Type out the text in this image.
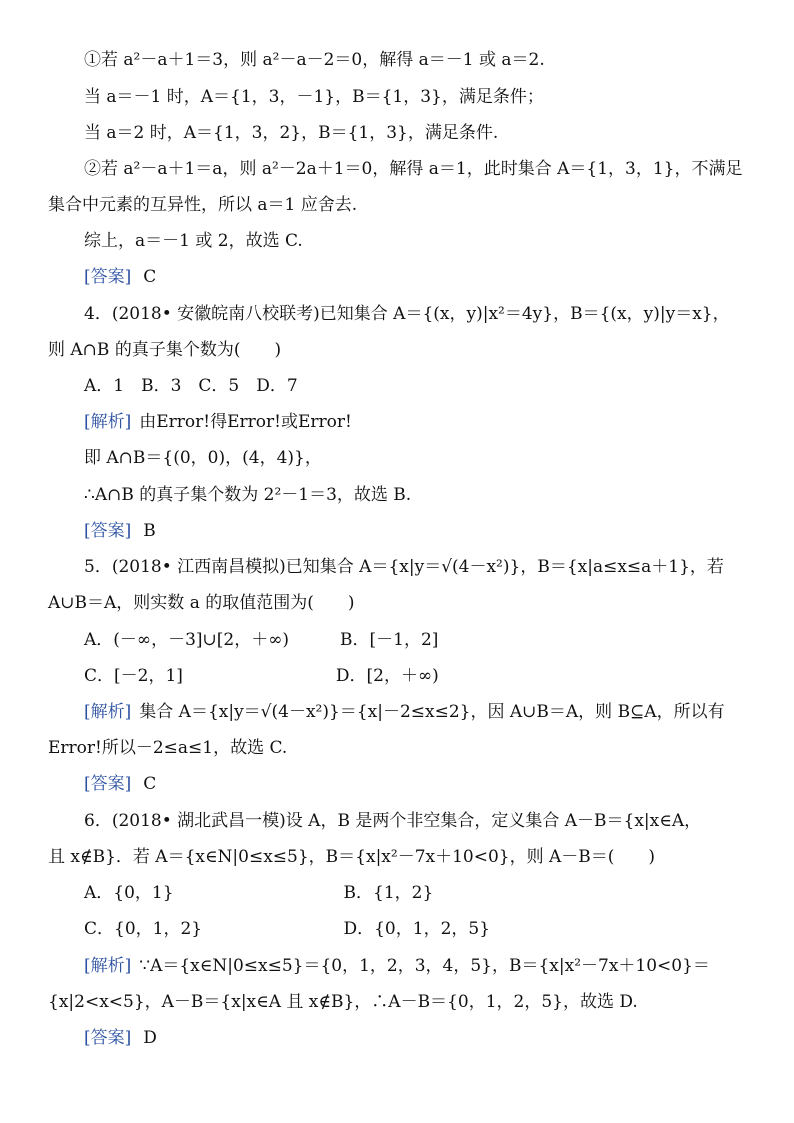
①若 a²－a＋1＝3，则 a²－a－2＝0，解得 a＝－1 或 a＝2.
当 a＝－1 时，A＝{1，3，－1}，B＝{1，3}，满足条件；
当 a＝2 时，A＝{1，3，2}，B＝{1，3}，满足条件.
②若 a²－a＋1＝a，则 a²－2a＋1＝0，解得 a＝1，此时集合 A＝{1，3，1}，不满足
集合中元素的互异性，所以 a＝1 应舍去.
综上，a＝－1 或 2，故选 C.
[答案] C
4．(2018• 安徽皖南八校联考)已知集合 A＝{(x，y)|x²＝4y}，B＝{(x，y)|y＝x}，
则 A∩B 的真子集个数为(　　)
A．1　B．3　C．5　D．7
[解析] 由Error!得Error!或Error!
即 A∩B＝{(0，0)，(4，4)}，
∴A∩B 的真子集个数为 2²－1＝3，故选 B.
[答案] B
5．(2018• 江西南昌模拟)已知集合 A＝{x|y＝√(4－x²)}，B＝{x|a≤x≤a＋1}，若
A∪B＝A，则实数 a 的取值范围为(　　)
A．(－∞，－3]∪[2，＋∞)　　　B．[－1，2]
C．[－2，1]　　　　　　　　　D．[2，＋∞)
[解析] 集合 A＝{x|y＝√(4－x²)}＝{x|－2≤x≤2}，因 A∪B＝A，则 B⊆A，所以有
Error!所以－2≤a≤1，故选 C.
[答案] C
6．(2018• 湖北武昌一模)设 A，B 是两个非空集合，定义集合 A－B＝{x|x∈A，
且 x∉B}．若 A＝{x∈N|0≤x≤5}，B＝{x|x²－7x＋10<0}，则 A－B＝(　　)
A．{0，1}　　　　　　　　　　B．{1，2}
C．{0，1，2}　　　　　　　　 D．{0，1，2，5}
[解析] ∵A＝{x∈N|0≤x≤5}＝{0，1，2，3，4，5}，B＝{x|x²－7x＋10<0}＝
{x|2<x<5}，A－B＝{x|x∈A 且 x∉B}，∴A－B＝{0，1，2，5}，故选 D.
[答案] D
